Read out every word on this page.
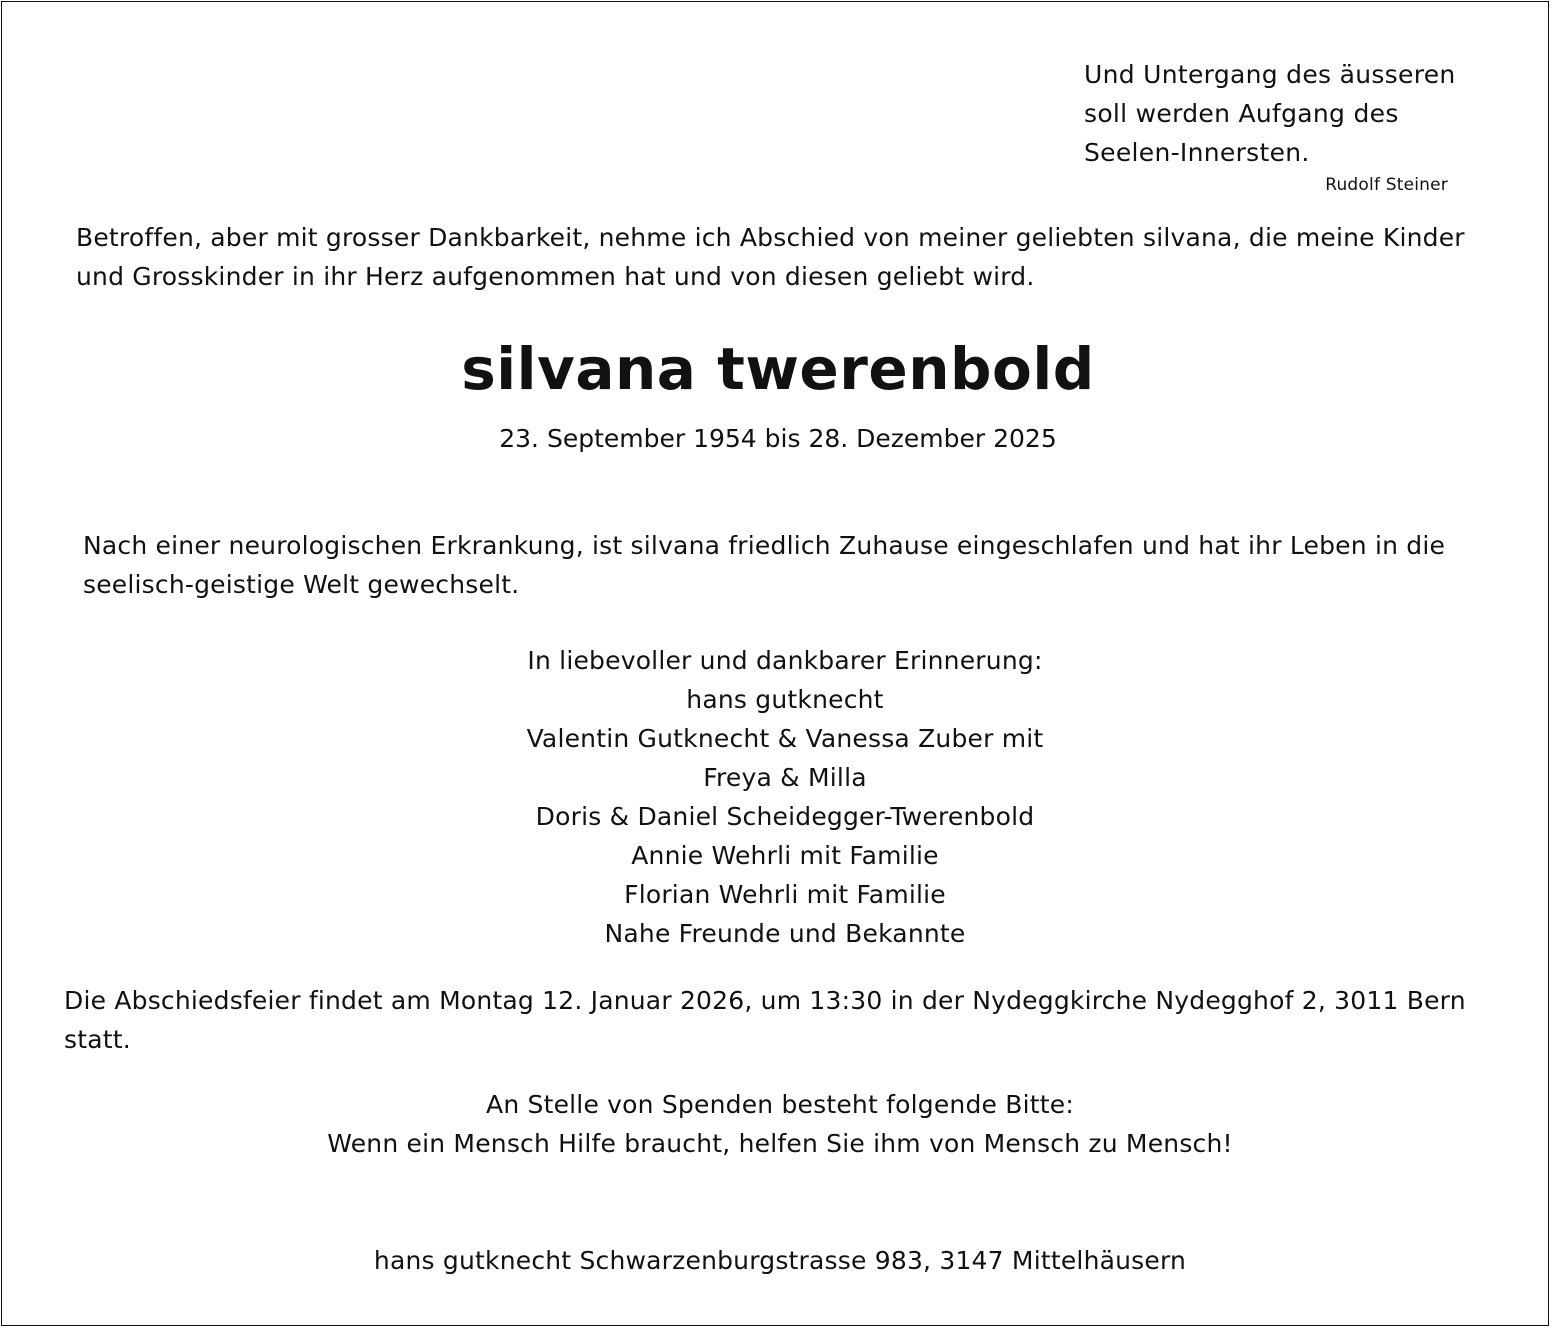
Und Untergang des äusseren

soll werden Aufgang des

Seelen-Innersten.

Rudolf Steiner

Betroffen, aber mit grosser Dankbarkeit, nehme ich Abschied von meiner geliebten silvana, die meine Kinder

und Grosskinder in ihr Herz aufgenommen hat und von diesen geliebt wird.

silvana twerenbold

23. September 1954 bis 28. Dezember 2025

Nach einer neurologischen Erkrankung, ist silvana friedlich Zuhause eingeschlafen und hat ihr Leben in die

seelisch-geistige Welt gewechselt.

In liebevoller und dankbarer Erinnerung:

hans gutknecht

Valentin Gutknecht & Vanessa Zuber mit

Freya & Milla

Doris & Daniel Scheidegger-Twerenbold

Annie Wehrli mit Familie

Florian Wehrli mit Familie

Nahe Freunde und Bekannte

Die Abschiedsfeier findet am Montag 12. Januar 2026, um 13:30 in der Nydeggkirche Nydegghof 2, 3011 Bern

statt.

An Stelle von Spenden besteht folgende Bitte:

Wenn ein Mensch Hilfe braucht, helfen Sie ihm von Mensch zu Mensch!

hans gutknecht Schwarzenburgstrasse 983, 3147 Mittelhäusern
